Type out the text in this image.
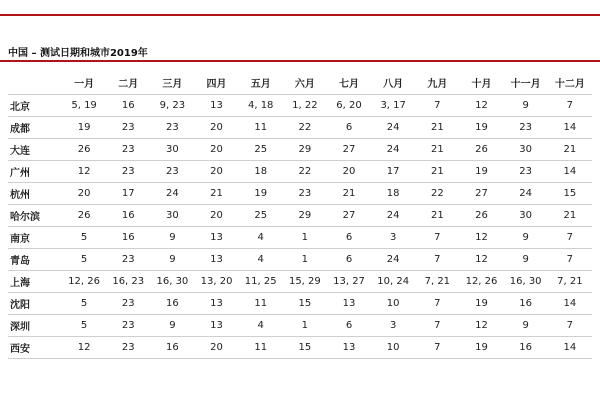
中国 – 测试日期和城市2019年
	一月	二月	三月	四月	五月	六月	七月	八月	九月	十月	十一月	十二月
北京	5, 19	16	9, 23	13	4, 18	1, 22	6, 20	3, 17	7	12	9	7
成都	19	23	23	20	11	22	6	24	21	19	23	14
大连	26	23	30	20	25	29	27	24	21	26	30	21
广州	12	23	23	20	18	22	20	17	21	19	23	14
杭州	20	17	24	21	19	23	21	18	22	27	24	15
哈尔滨	26	16	30	20	25	29	27	24	21	26	30	21
南京	5	16	9	13	4	1	6	3	7	12	9	7
青岛	5	23	9	13	4	1	6	24	7	12	9	7
上海	12, 26	16, 23	16, 30	13, 20	11, 25	15, 29	13, 27	10, 24	7, 21	12, 26	16, 30	7, 21
沈阳	5	23	16	13	11	15	13	10	7	19	16	14
深圳	5	23	9	13	4	1	6	3	7	12	9	7
西安	12	23	16	20	11	15	13	10	7	19	16	14
